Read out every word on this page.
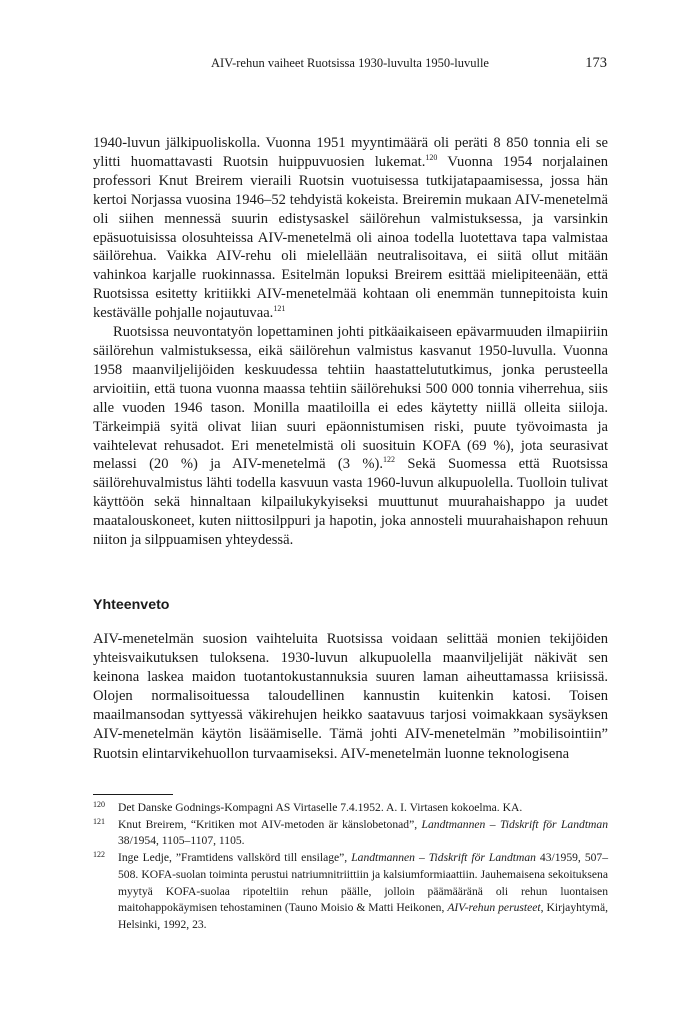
AIV-rehun vaiheet Ruotsissa 1930-luvulta 1950-luvulle	173

1940-luvun jälkipuoliskolla. Vuonna 1951 myyntimäärä oli peräti 8 850 tonnia eli se ylitti huomattavasti Ruotsin huippuvuosien lukemat.$^{120}$ Vuonna 1954 norjalainen professori Knut Breirem vieraili Ruotsin vuotuisessa tutkijatapaamisessa, jossa hän kertoi Norjassa vuosina 1946–52 tehdyistä kokeista. Breiremin mukaan AIV-menetelmä oli siihen mennessä suurin edistysaskel säilörehun valmistuksessa, ja varsinkin epäsuotuisissa olosuhteissa AIV-menetelmä oli ainoa todella luotettava tapa valmistaa säilörehua. Vaikka AIV-rehu oli mielellään neutralisoitava, ei siitä ollut mitään vahinkoa karjalle ruokinnassa. Esitelmän lopuksi Breirem esittää mielipiteenään, että Ruotsissa esitetty kritiikki AIV-menetelmää kohtaan oli enemmän tunnepitoista kuin kestävälle pohjalle nojautuvaa.$^{121}$

Ruotsissa neuvontatyön lopettaminen johti pitkäaikaiseen epävarmuuden ilmapiiriin säilörehun valmistuksessa, eikä säilörehun valmistus kasvanut 1950-luvulla. Vuonna 1958 maanviljelijöiden keskuudessa tehtiin haastattelututkimus, jonka perusteella arvioitiin, että tuona vuonna maassa tehtiin säilörehuksi 500 000 tonnia viherrehua, siis alle vuoden 1946 tason. Monilla maatiloilla ei edes käytetty niillä olleita siiloja. Tärkeimpiä syitä olivat liian suuri epäonnistumisen riski, puute työvoimasta ja vaihtelevat rehusadot. Eri menetelmistä oli suosituin KOFA (69 %), jota seurasivat melassi (20 %) ja AIV-menetelmä (3 %).$^{122}$ Sekä Suomessa että Ruotsissa säilörehuvalmistus lähti todella kasvuun vasta 1960-luvun alkupuolella. Tuolloin tulivat käyttöön sekä hinnaltaan kilpailukykyiseksi muuttunut muurahaishappo ja uudet maatalouskoneet, kuten niittosilppuri ja hapotin, joka annosteli muurahaishapon rehuun niiton ja silppuamisen yhteydessä.

Yhteenveto

AIV-menetelmän suosion vaihteluita Ruotsissa voidaan selittää monien tekijöiden yhteisvaikutuksen tuloksena. 1930-luvun alkupuolella maanviljelijät näkivät sen keinona laskea maidon tuotantokustannuksia suuren laman aiheuttamassa kriisissä. Olojen normalisoituessa taloudellinen kannustin kuitenkin katosi. Toisen maailmansodan syttyessä väkirehujen heikko saatavuus tarjosi voimakkaan sysäyksen AIV-menetelmän käytön lisäämiselle. Tämä johti AIV-menetelmän ”mobilisointiin” Ruotsin elintarvikehuollon turvaamiseksi. AIV-menetelmän luonne teknologisena

120 Det Danske Godnings-Kompagni AS Virtaselle 7.4.1952. A. I. Virtasen kokoelma. KA.
121 Knut Breirem, “Kritiken mot AIV-metoden är känslobetonad”, Landtmannen – Tidskrift för Landtman 38/1954, 1105–1107, 1105.
122 Inge Ledje, ”Framtidens vallskörd till ensilage”, Landtmannen – Tidskrift för Landtman 43/1959, 507–508. KOFA-suolan toiminta perustui natriumnitriittiin ja kalsiumformiaattiin. Jauhemaisena sekoituksena myytyä KOFA-suolaa ripoteltiin rehun päälle, jolloin päämääränä oli rehun luontaisen maitohappokäymisen tehostaminen (Tauno Moisio & Matti Heikonen, AIV-rehun perusteet, Kirjayhtymä, Helsinki, 1992, 23.
